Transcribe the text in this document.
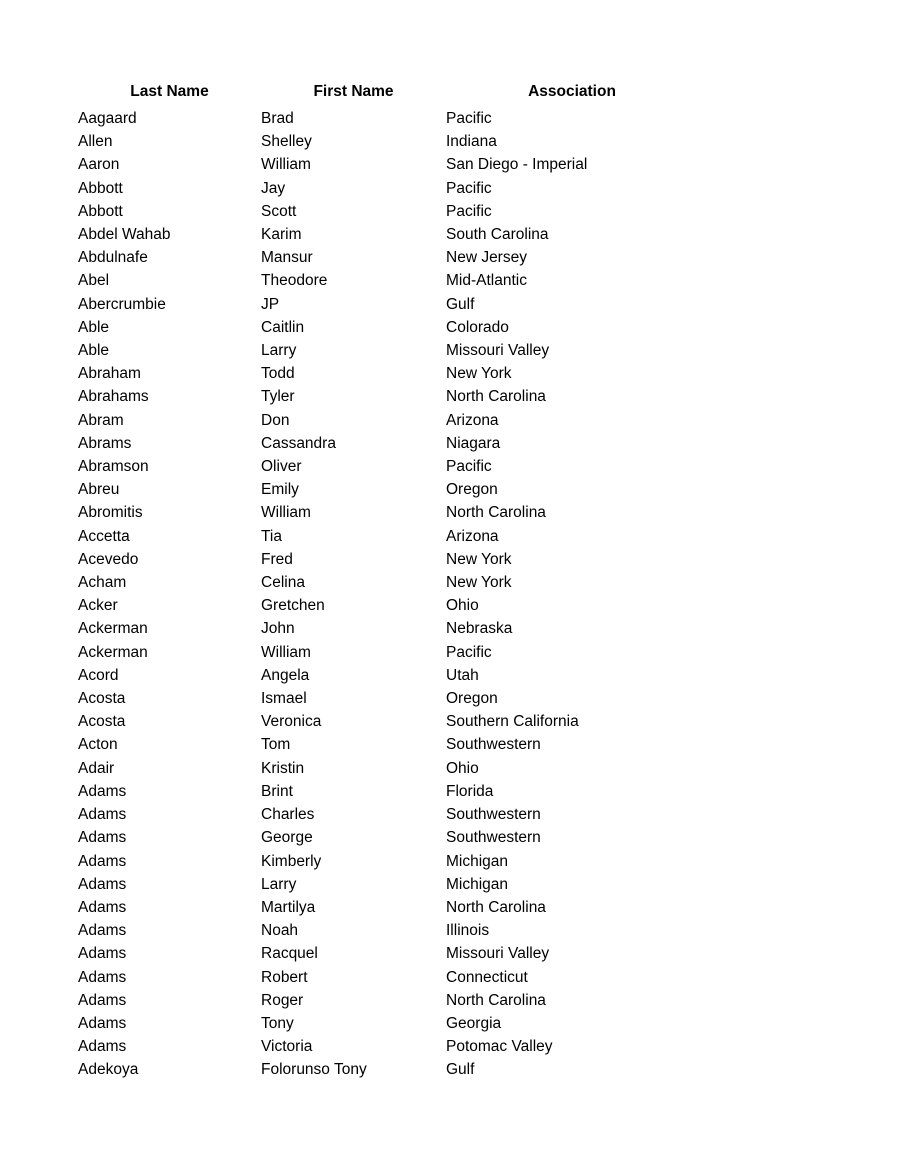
Last Name	First Name	Association
Aagaard	Brad	Pacific
Allen	Shelley	Indiana
Aaron	William	San Diego - Imperial
Abbott	Jay	Pacific
Abbott	Scott	Pacific
Abdel Wahab	Karim	South Carolina
Abdulnafe	Mansur	New Jersey
Abel	Theodore	Mid-Atlantic
Abercrumbie	JP	Gulf
Able	Caitlin	Colorado
Able	Larry	Missouri Valley
Abraham	Todd	New York
Abrahams	Tyler	North Carolina
Abram	Don	Arizona
Abrams	Cassandra	Niagara
Abramson	Oliver	Pacific
Abreu	Emily	Oregon
Abromitis	William	North Carolina
Accetta	Tia	Arizona
Acevedo	Fred	New York
Acham	Celina	New York
Acker	Gretchen	Ohio
Ackerman	John	Nebraska
Ackerman	William	Pacific
Acord	Angela	Utah
Acosta	Ismael	Oregon
Acosta	Veronica	Southern California
Acton	Tom	Southwestern
Adair	Kristin	Ohio
Adams	Brint	Florida
Adams	Charles	Southwestern
Adams	George	Southwestern
Adams	Kimberly	Michigan
Adams	Larry	Michigan
Adams	Martilya	North Carolina
Adams	Noah	Illinois
Adams	Racquel	Missouri Valley
Adams	Robert	Connecticut
Adams	Roger	North Carolina
Adams	Tony	Georgia
Adams	Victoria	Potomac Valley
Adekoya	Folorunso Tony	Gulf
